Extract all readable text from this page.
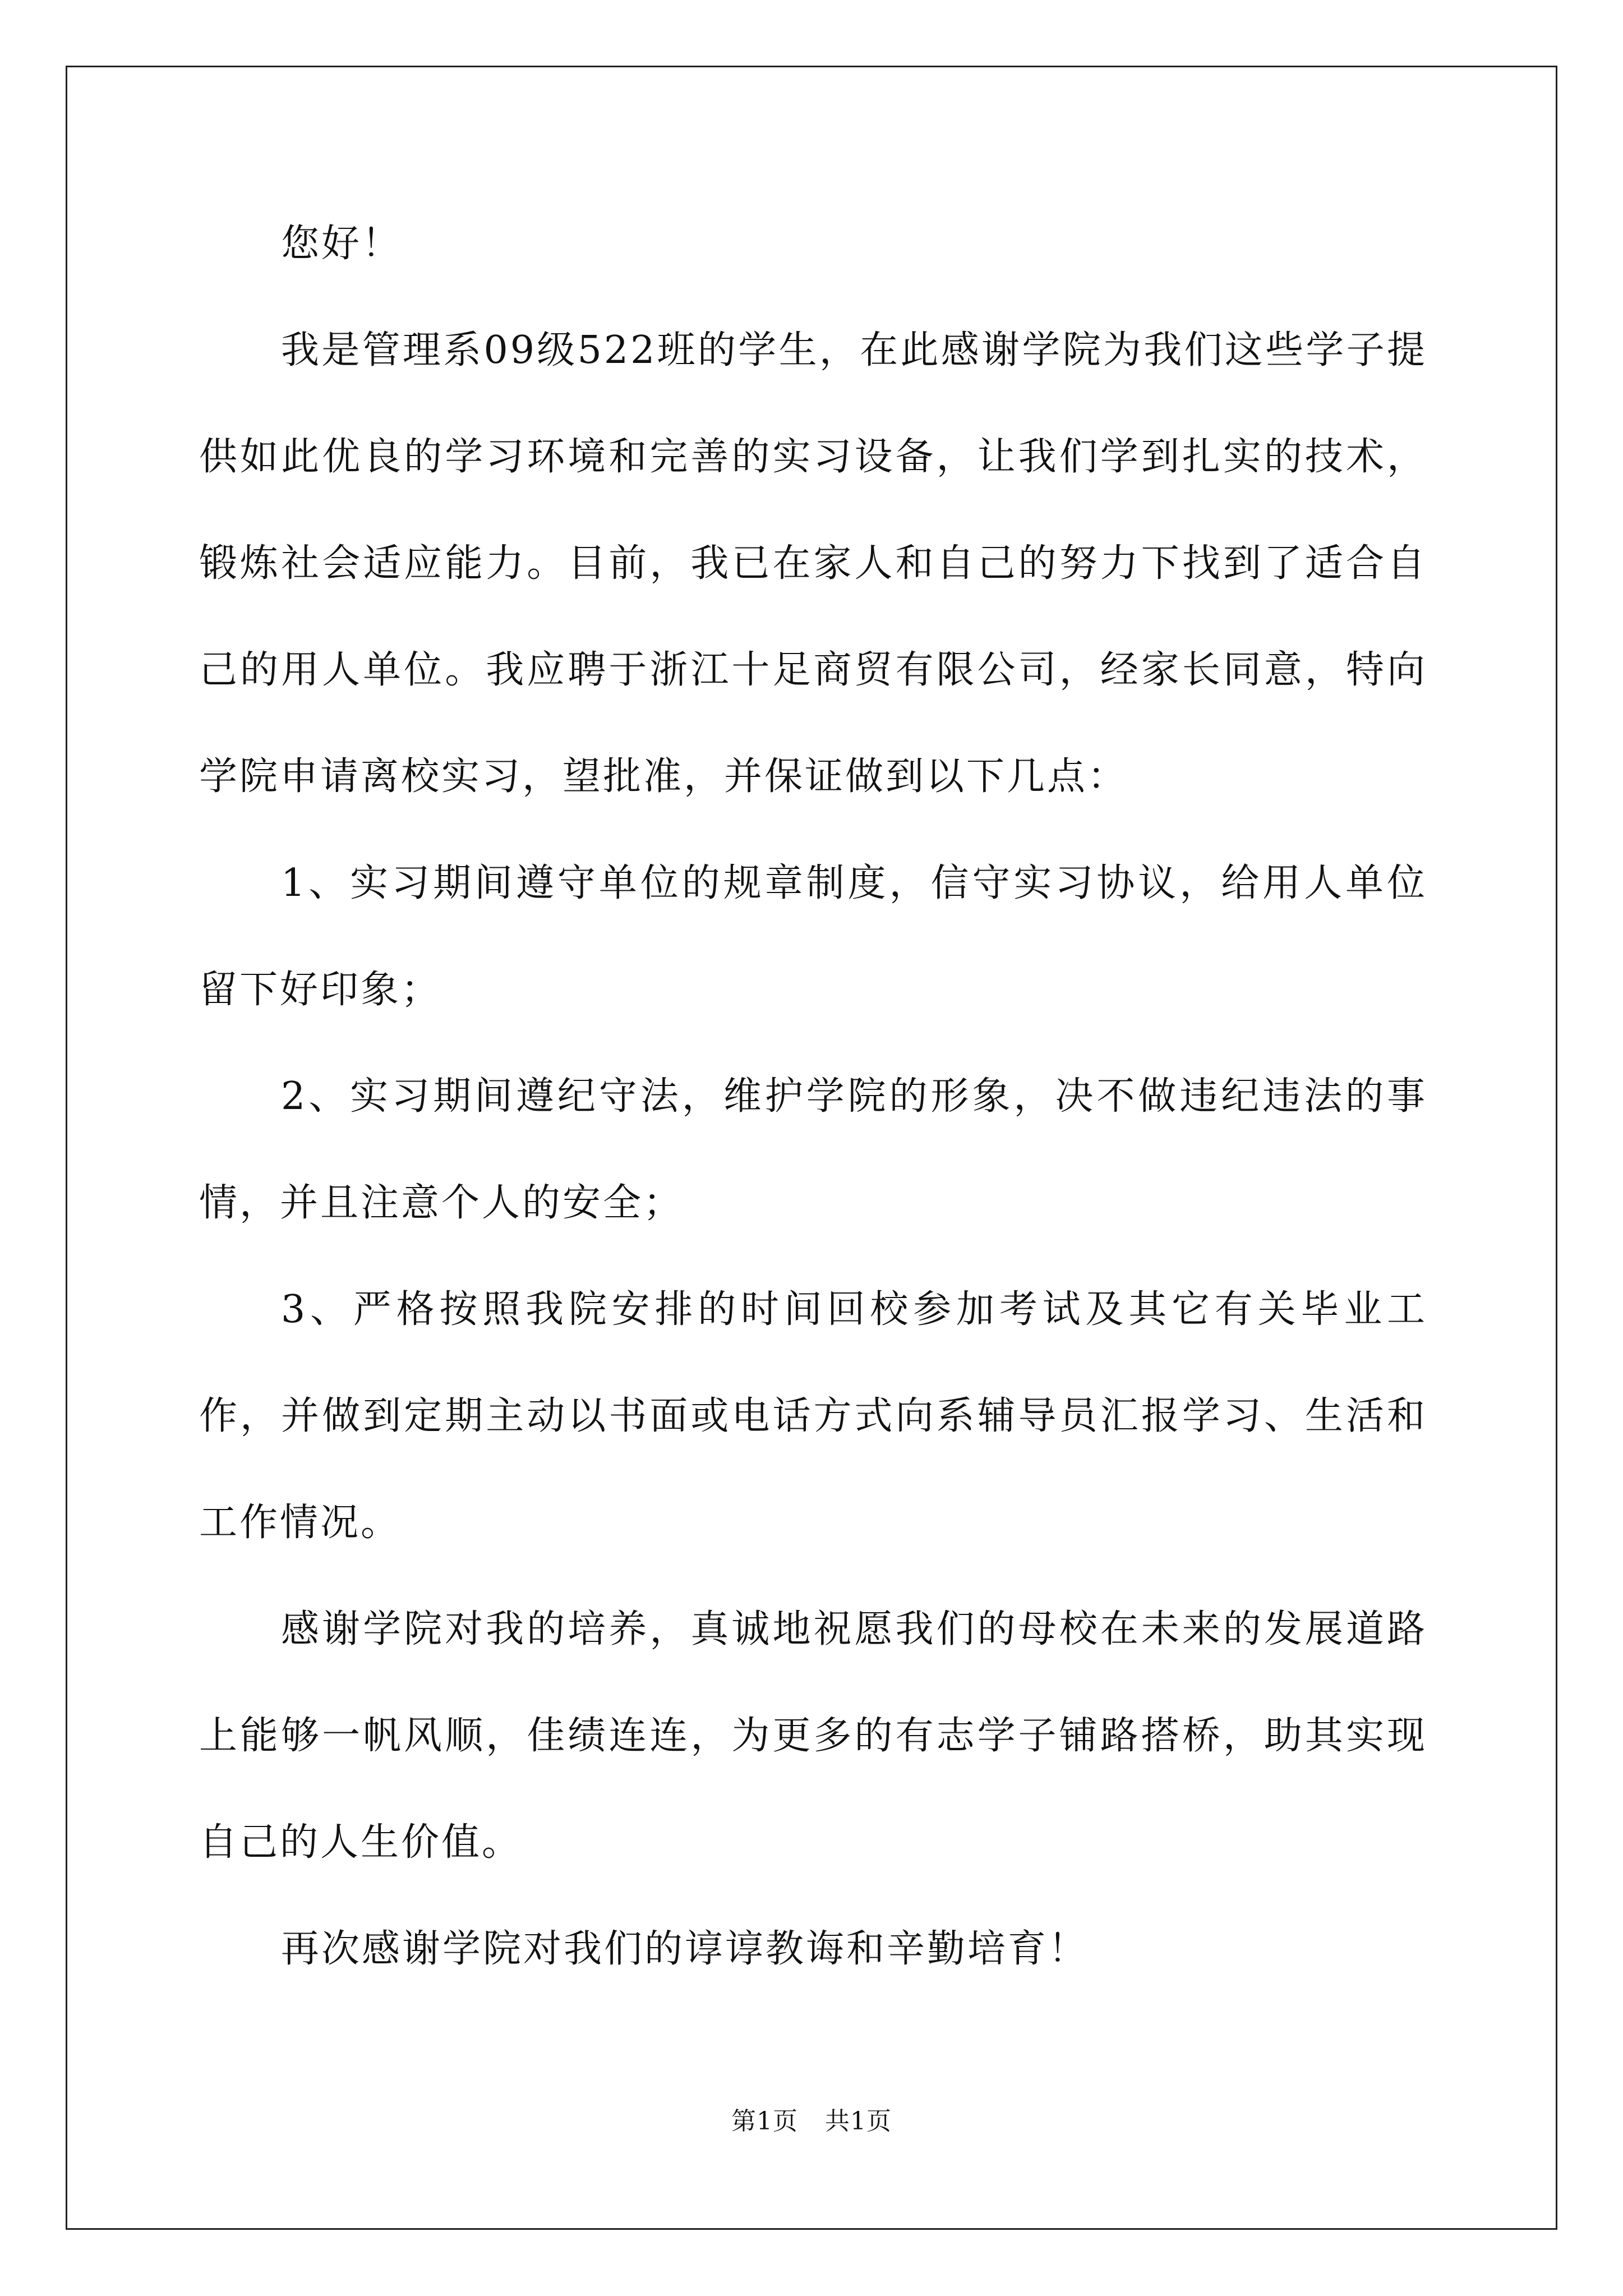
您好！

我是管理系09级522班的学生，在此感谢学院为我们这些学子提供如此优良的学习环境和完善的实习设备，让我们学到扎实的技术，锻炼社会适应能力。目前，我已在家人和自己的努力下找到了适合自己的用人单位。我应聘于浙江十足商贸有限公司，经家长同意，特向学院申请离校实习，望批准，并保证做到以下几点：

1、实习期间遵守单位的规章制度，信守实习协议，给用人单位留下好印象；

2、实习期间遵纪守法，维护学院的形象，决不做违纪违法的事情，并且注意个人的安全；

3、严格按照我院安排的时间回校参加考试及其它有关毕业工作，并做到定期主动以书面或电话方式向系辅导员汇报学习、生活和工作情况。

感谢学院对我的培养，真诚地祝愿我们的母校在未来的发展道路上能够一帆风顺，佳绩连连，为更多的有志学子铺路搭桥，助其实现自己的人生价值。

再次感谢学院对我们的谆谆教诲和辛勤培育！

第1页 共1页
